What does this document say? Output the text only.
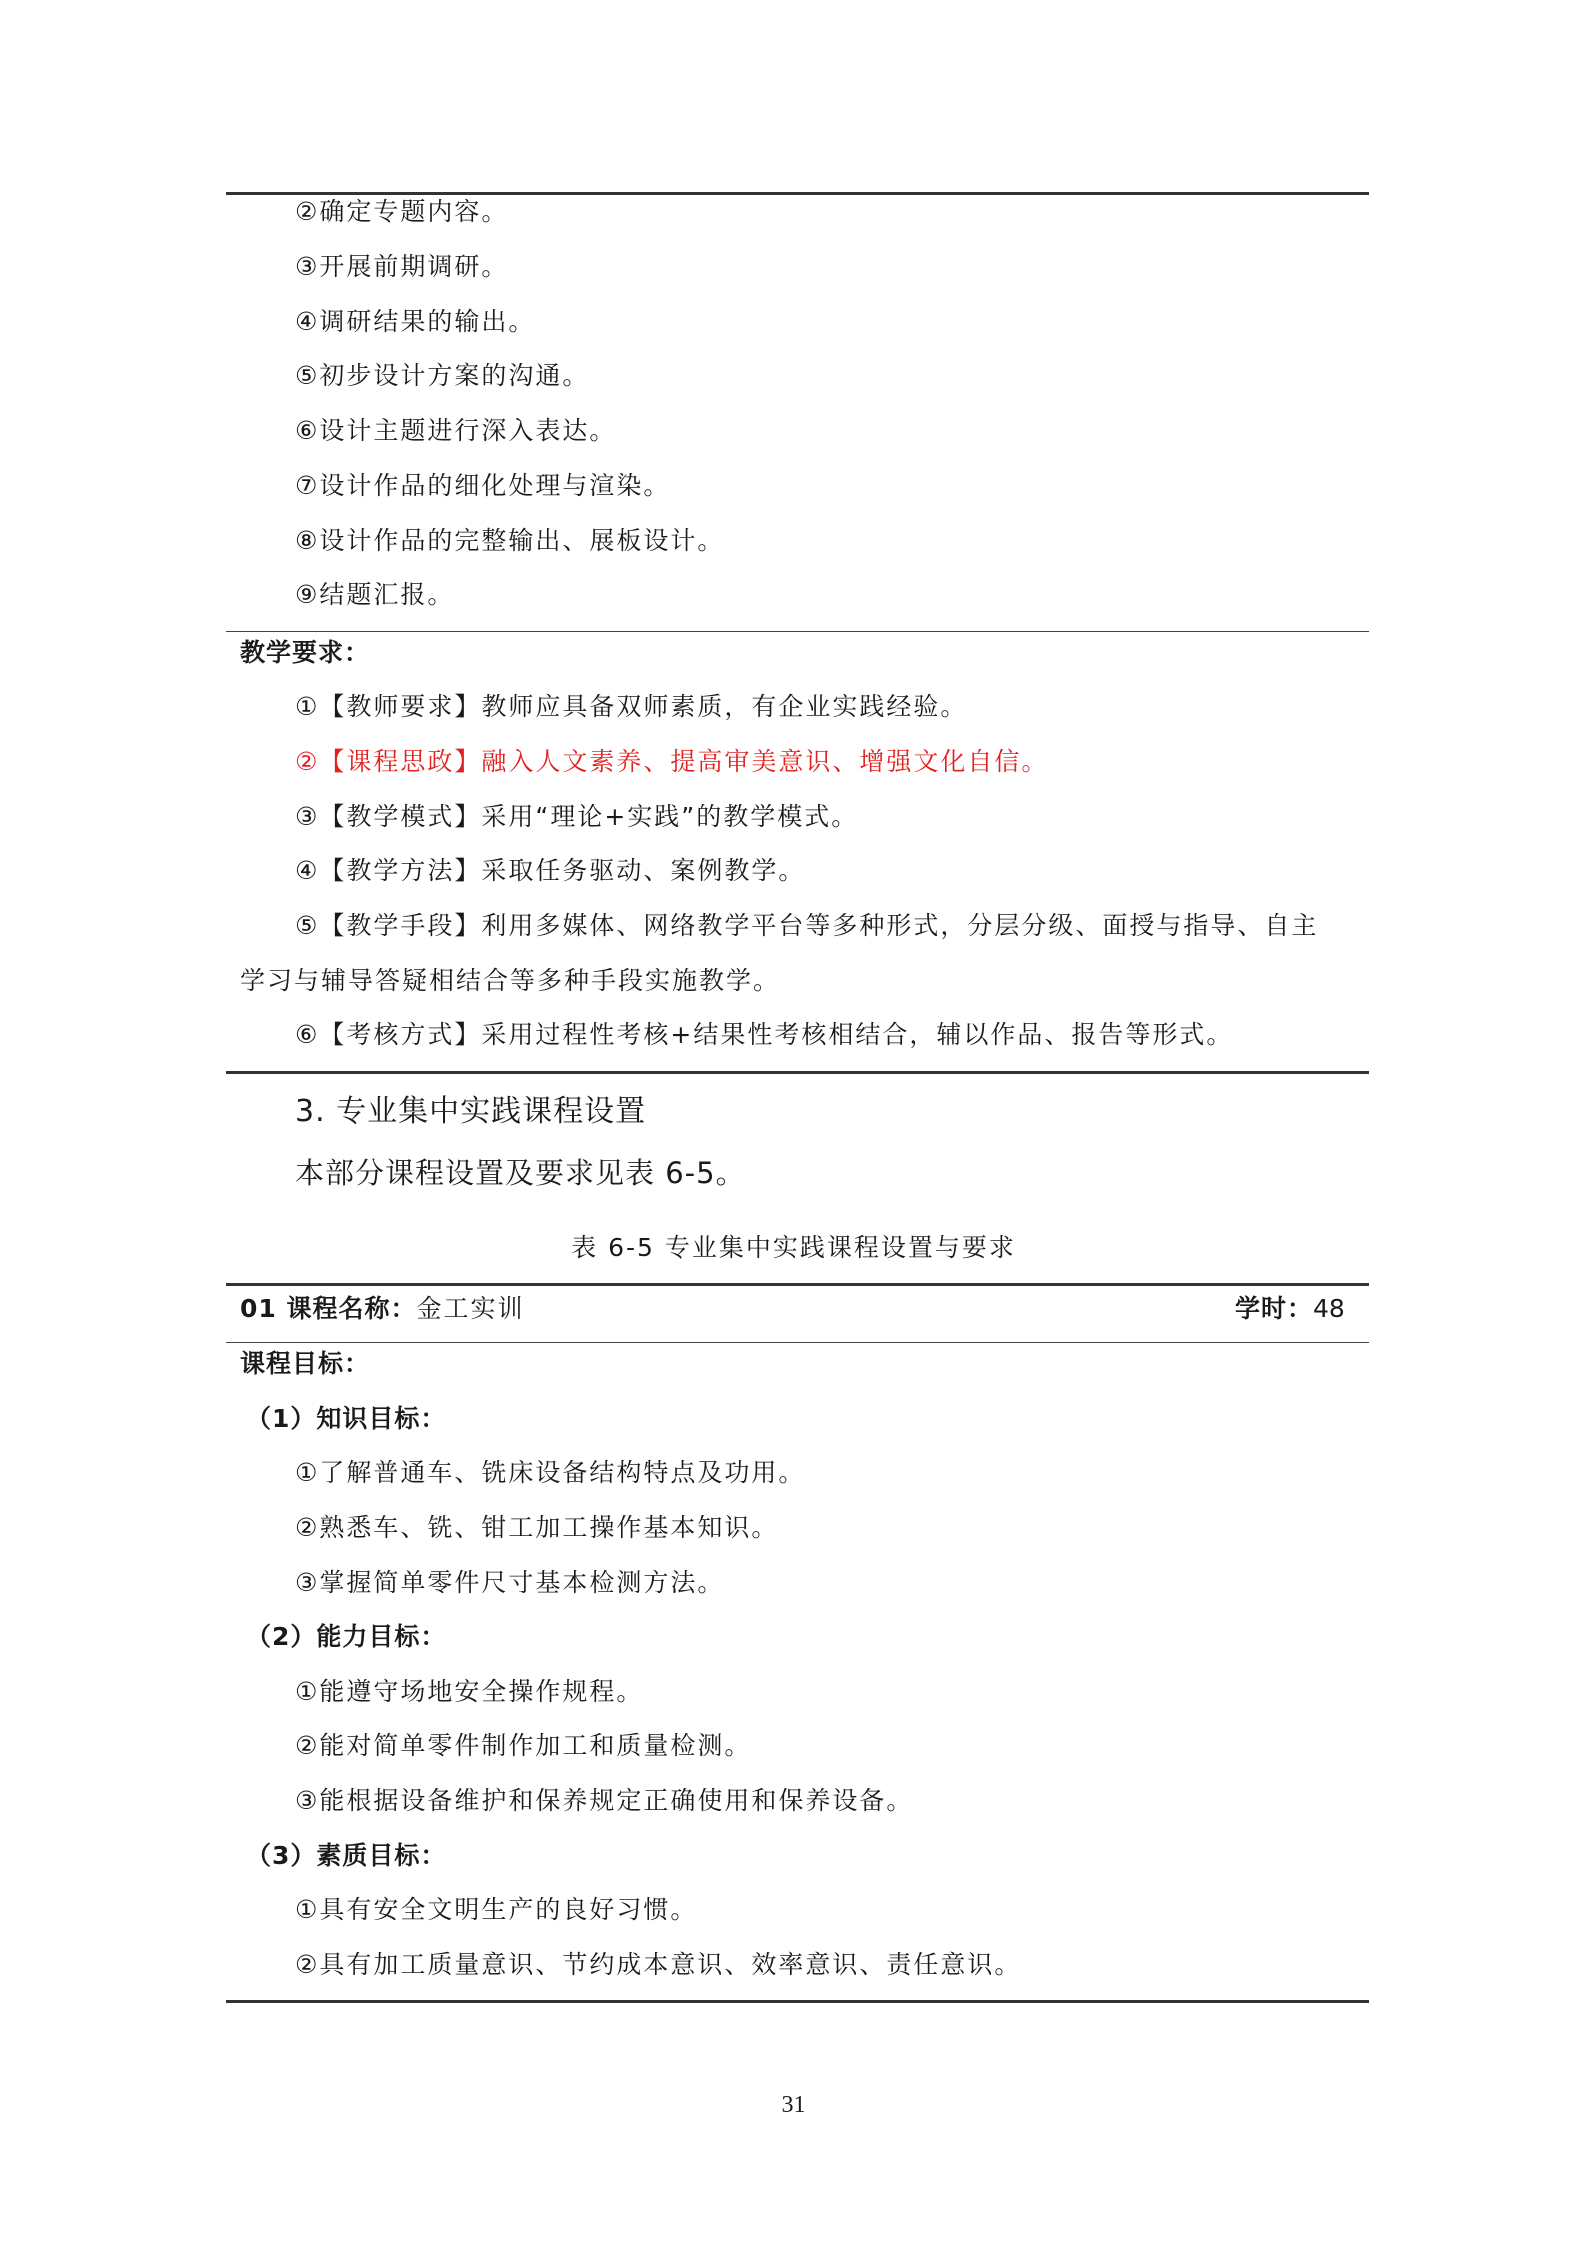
②确定专题内容。
③开展前期调研。
④调研结果的输出。
⑤初步设计方案的沟通。
⑥设计主题进行深入表达。
⑦设计作品的细化处理与渲染。
⑧设计作品的完整输出、展板设计。
⑨结题汇报。
教学要求：
①【教师要求】教师应具备双师素质，有企业实践经验。
②【课程思政】融入人文素养、提高审美意识、增强文化自信。
③【教学模式】采用“理论+实践”的教学模式。
④【教学方法】采取任务驱动、案例教学。
⑤【教学手段】利用多媒体、网络教学平台等多种形式，分层分级、面授与指导、自主
学习与辅导答疑相结合等多种手段实施教学。
⑥【考核方式】采用过程性考核+结果性考核相结合，辅以作品、报告等形式。
3. 专业集中实践课程设置
本部分课程设置及要求见表 6-5。
表 6-5 专业集中实践课程设置与要求
01 课程名称：金工实训	学时：48
课程目标：
（1）知识目标：
①了解普通车、铣床设备结构特点及功用。
②熟悉车、铣、钳工加工操作基本知识。
③掌握简单零件尺寸基本检测方法。
（2）能力目标：
①能遵守场地安全操作规程。
②能对简单零件制作加工和质量检测。
③能根据设备维护和保养规定正确使用和保养设备。
（3）素质目标：
①具有安全文明生产的良好习惯。
②具有加工质量意识、节约成本意识、效率意识、责任意识。
31
